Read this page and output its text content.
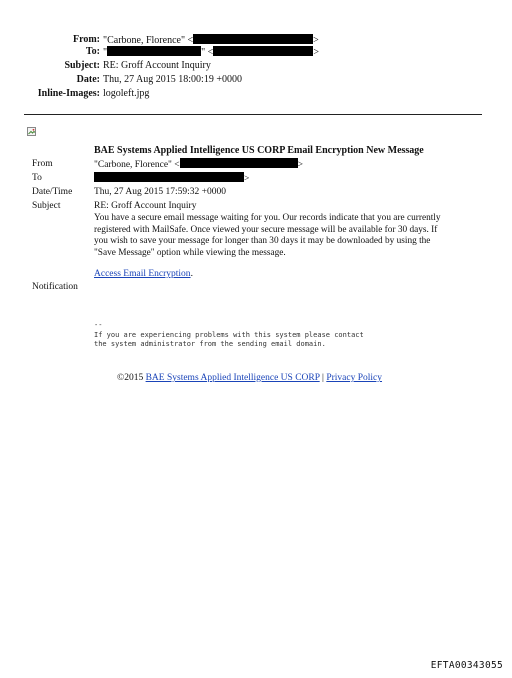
From: "Carbone, Florence" <	>
To: "	" <	>
Subject: RE: Groff Account Inquiry
Date: Thu, 27 Aug 2015 18:00:19 +0000
Inline-Images: logoleft.jpg
BAE Systems Applied Intelligence US CORP Email Encryption New Message
From	"Carbone, Florence" <	>
To	>
Date/Time Thu, 27 Aug 2015 17:59:32 +0000
Subject	RE: Groff Account Inquiry
You have a secure email message waiting for you. Our records indicate that you are currently
registered with MailSafe. Once viewed your secure message will be available for 30 days. If
you wish to save your message for longer than 30 days it may be downloaded by using the
"Save Message" option while viewing the message.
Access Email Encryption.
Notification
--
If you are experiencing problems with this system please contact
the system administrator from the sending email domain.
©2015 BAE Systems Applied Intelligence US CORP | Privacy Policy
EFTA00343055
